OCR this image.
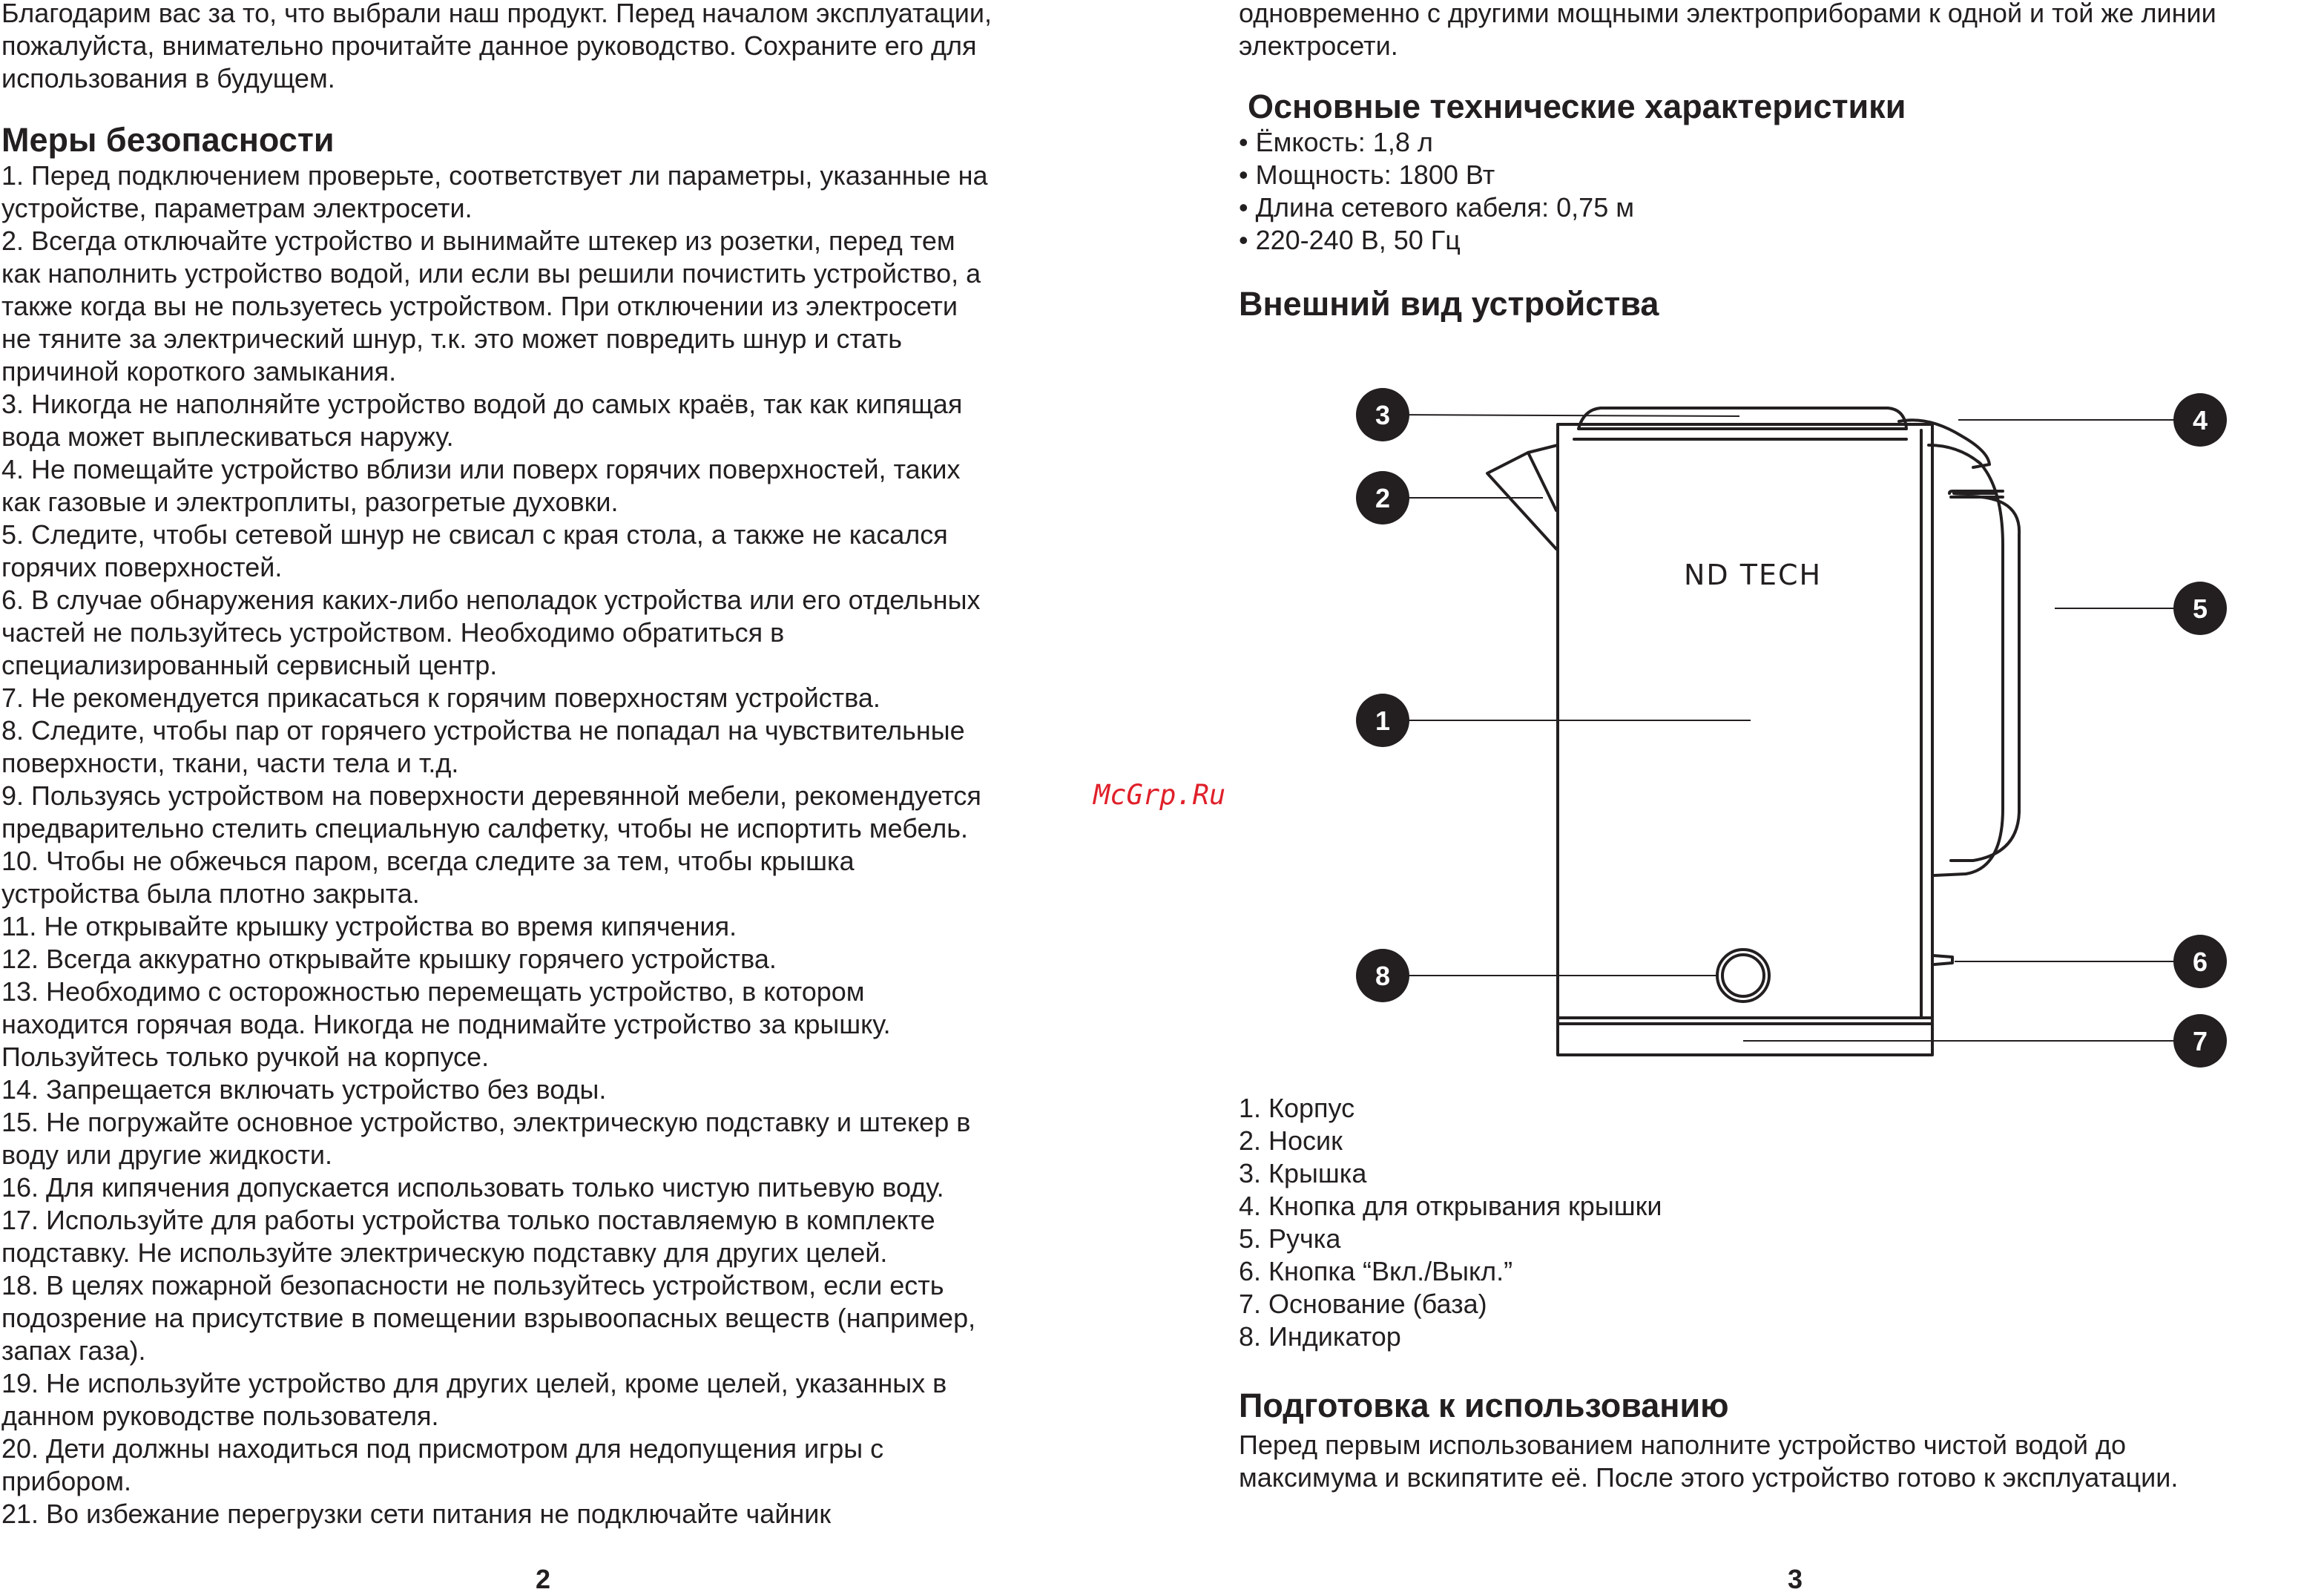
Благодарим вас за то, что выбрали наш продукт. Перед началом эксплуатации,

пожалуйста, внимательно прочитайте данное руководство. Сохраните его для

использования в будущем.

Меры безопасности
1. Перед подключением проверьте, соответствует ли параметры, указанные на
устройстве, параметрам электросети.
2. Всегда отключайте устройство и вынимайте штекер из розетки, перед тем
как наполнить устройство водой, или если вы решили почистить устройство, а
также когда вы не пользуетесь устройством. При отключении из электросети
не тяните за электрический шнур, т.к. это может повредить шнур и стать
причиной короткого замыкания.
3. Никогда не наполняйте устройство водой до самых краёв, так как кипящая
вода может выплескиваться наружу.
4. Не помещайте устройство вблизи или поверх горячих поверхностей, таких
как газовые и электроплиты, разогретые духовки.
5. Следите, чтобы сетевой шнур не свисал с края стола, а также не касался
горячих поверхностей.
6. В случае обнаружения каких-либо неполадок устройства или его отдельных
частей не пользуйтесь устройством. Необходимо обратиться в
специализированный сервисный центр.
7. Не рекомендуется прикасаться к горячим поверхностям устройства.
8. Следите, чтобы пар от горячего устройства не попадал на чувствительные
поверхности, ткани, части тела и т.д.
9. Пользуясь устройством на поверхности деревянной мебели, рекомендуется
предварительно стелить специальную салфетку, чтобы не испортить мебель.
10. Чтобы не обжечься паром, всегда следите за тем, чтобы крышка
устройства была плотно закрыта.
11. Не открывайте крышку устройства во время кипячения.
12. Всегда аккуратно открывайте крышку горячего устройства.
13. Необходимо с осторожностью перемещать устройство, в котором
находится горячая вода. Никогда не поднимайте устройство за крышку.
Пользуйтесь только ручкой на корпусе.
14. Запрещается включать устройство без воды.
15. Не погружайте основное устройство, электрическую подставку и штекер в
воду или другие жидкости.
16. Для кипячения допускается использовать только чистую питьевую воду.
17. Используйте для работы устройства только поставляемую в комплекте
подставку. Не используйте электрическую подставку для других целей.
18. В целях пожарной безопасности не пользуйтесь устройством, если есть
подозрение на присутствие в помещении взрывоопасных веществ (например,
запах газа).
19. Не используйте устройство для других целей, кроме целей, указанных в
данном руководстве пользователя.
20. Дети должны находиться под присмотром для недопущения игры с
прибором.
21. Во избежание перегрузки сети питания не подключайте чайник
McGrp.Ru
2

одновременно с другими мощными электроприборами к одной и той же линии

электросети.

Основные технические характеристики
• Ёмкость: 1,8 л
• Мощность: 1800 Вт
• Длина сетевого кабеля: 0,75 м
• 220-240 В, 50 Гц
Внешний вид устройства
1. Корпус
2. Носик
3. Крышка
4. Кнопка для открывания крышки
5. Ручка
6. Кнопка “Вкл./Выкл.”
7. Основание (база)
8. Индикатор
Подготовка к использованию

Перед первым использованием наполните устройство чистой водой до

максимума и вскипятите её. После этого устройство готово к эксплуатации.

3
ND TECH
1
2
3	4
5
6
7
8
